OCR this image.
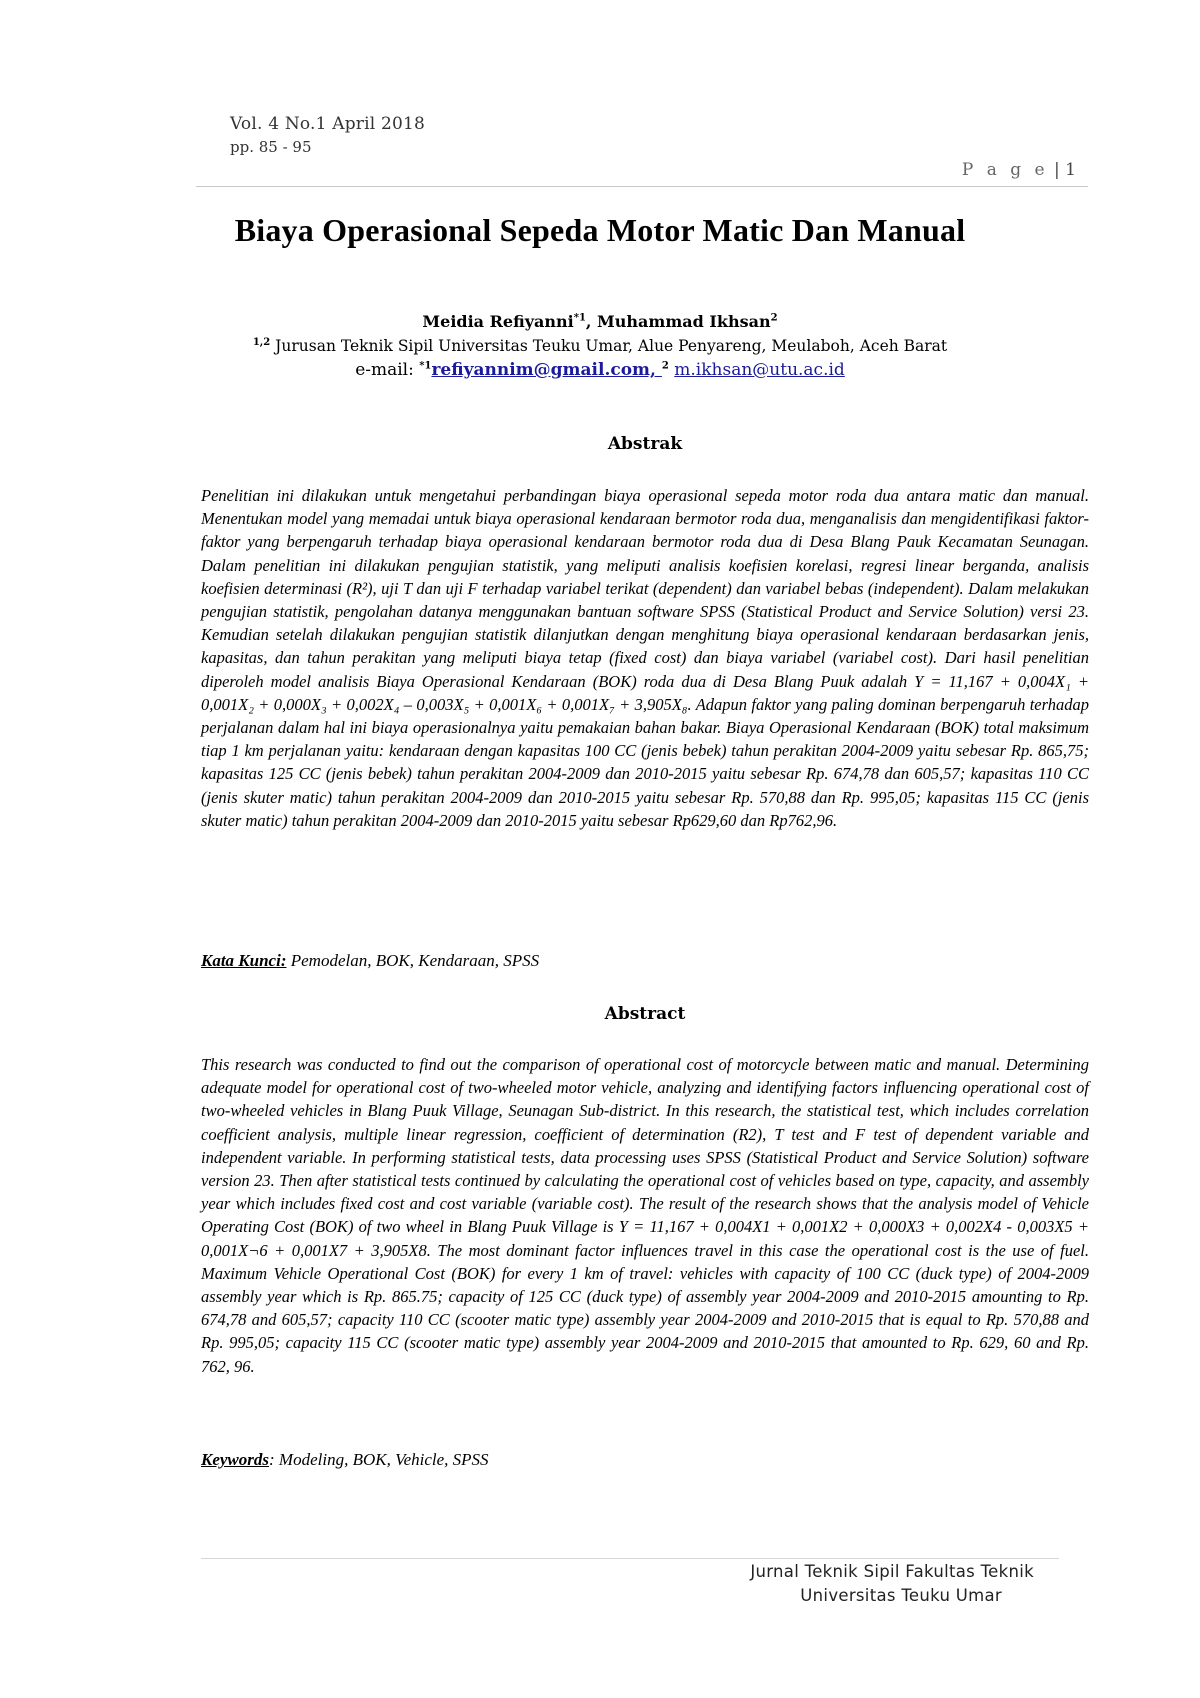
Vol. 4 No.1 April 2018
pp. 85 - 95
P a g e | 1
Biaya Operasional Sepeda Motor Matic Dan Manual
Meidia Refiyanni$^{*1}$, Muhammad Ikhsan$^2$
$^{1,2}$ Jurusan Teknik Sipil Universitas Teuku Umar, Alue Penyareng, Meulaboh, Aceh Barat
e-mail: $^{*1}$refiyannim@gmail.com, $^2$ m.ikhsan@utu.ac.id
Abstrak
Penelitian ini dilakukan untuk mengetahui perbandingan biaya operasional sepeda motor roda dua antara matic dan manual. Menentukan model yang memadai untuk biaya operasional kendaraan bermotor roda dua, menganalisis dan mengidentifikasi faktor-faktor yang berpengaruh terhadap biaya operasional kendaraan bermotor roda dua di Desa Blang Pauk Kecamatan Seunagan. Dalam penelitian ini dilakukan pengujian statistik, yang meliputi analisis koefisien korelasi, regresi linear berganda, analisis koefisien determinasi (R²), uji T dan uji F terhadap variabel terikat (dependent) dan variabel bebas (independent). Dalam melakukan pengujian statistik, pengolahan datanya menggunakan bantuan software SPSS (Statistical Product and Service Solution) versi 23. Kemudian setelah dilakukan pengujian statistik dilanjutkan dengan menghitung biaya operasional kendaraan berdasarkan jenis, kapasitas, dan tahun perakitan yang meliputi biaya tetap (fixed cost) dan biaya variabel (variabel cost). Dari hasil penelitian diperoleh model analisis Biaya Operasional Kendaraan (BOK) roda dua di Desa Blang Puuk adalah Y = 11,167 + 0,004X₁ + 0,001X₂ + 0,000X₃ + 0,002X₄ – 0,003X₅ + 0,001X₆ + 0,001X₇ + 3,905X₈. Adapun faktor yang paling dominan berpengaruh terhadap perjalanan dalam hal ini biaya operasionalnya yaitu pemakaian bahan bakar. Biaya Operasional Kendaraan (BOK) total maksimum tiap 1 km perjalanan yaitu: kendaraan dengan kapasitas 100 CC (jenis bebek) tahun perakitan 2004-2009 yaitu sebesar Rp. 865,75; kapasitas 125 CC (jenis bebek) tahun perakitan 2004-2009 dan 2010-2015 yaitu sebesar Rp. 674,78 dan 605,57; kapasitas 110 CC (jenis skuter matic) tahun perakitan 2004-2009 dan 2010-2015 yaitu sebesar Rp. 570,88 dan Rp. 995,05; kapasitas 115 CC (jenis skuter matic) tahun perakitan 2004-2009 dan 2010-2015 yaitu sebesar Rp629,60 dan Rp762,96.
Kata Kunci: Pemodelan, BOK, Kendaraan, SPSS
Abstract
This research was conducted to find out the comparison of operational cost of motorcycle between matic and manual. Determining adequate model for operational cost of two-wheeled motor vehicle, analyzing and identifying factors influencing operational cost of two-wheeled vehicles in Blang Puuk Village, Seunagan Sub-district. In this research, the statistical test, which includes correlation coefficient analysis, multiple linear regression, coefficient of determination (R2), T test and F test of dependent variable and independent variable. In performing statistical tests, data processing uses SPSS (Statistical Product and Service Solution) software version 23. Then after statistical tests continued by calculating the operational cost of vehicles based on type, capacity, and assembly year which includes fixed cost and cost variable (variable cost). The result of the research shows that the analysis model of Vehicle Operating Cost (BOK) of two wheel in Blang Puuk Village is Y = 11,167 + 0,004X1 + 0,001X2 + 0,000X3 + 0,002X4 - 0,003X5 + 0,001X¬6 + 0,001X7 + 3,905X8. The most dominant factor influences travel in this case the operational cost is the use of fuel. Maximum Vehicle Operational Cost (BOK) for every 1 km of travel: vehicles with capacity of 100 CC (duck type) of 2004-2009 assembly year which is Rp. 865.75; capacity of 125 CC (duck type) of assembly year 2004-2009 and 2010-2015 amounting to Rp. 674,78 and 605,57; capacity 110 CC (scooter matic type) assembly year 2004-2009 and 2010-2015 that is equal to Rp. 570,88 and Rp. 995,05; capacity 115 CC (scooter matic type) assembly year 2004-2009 and 2010-2015 that amounted to Rp. 629, 60 and Rp. 762, 96.
Keywords: Modeling, BOK, Vehicle, SPSS
Jurnal Teknik Sipil Fakultas Teknik
Universitas Teuku Umar
